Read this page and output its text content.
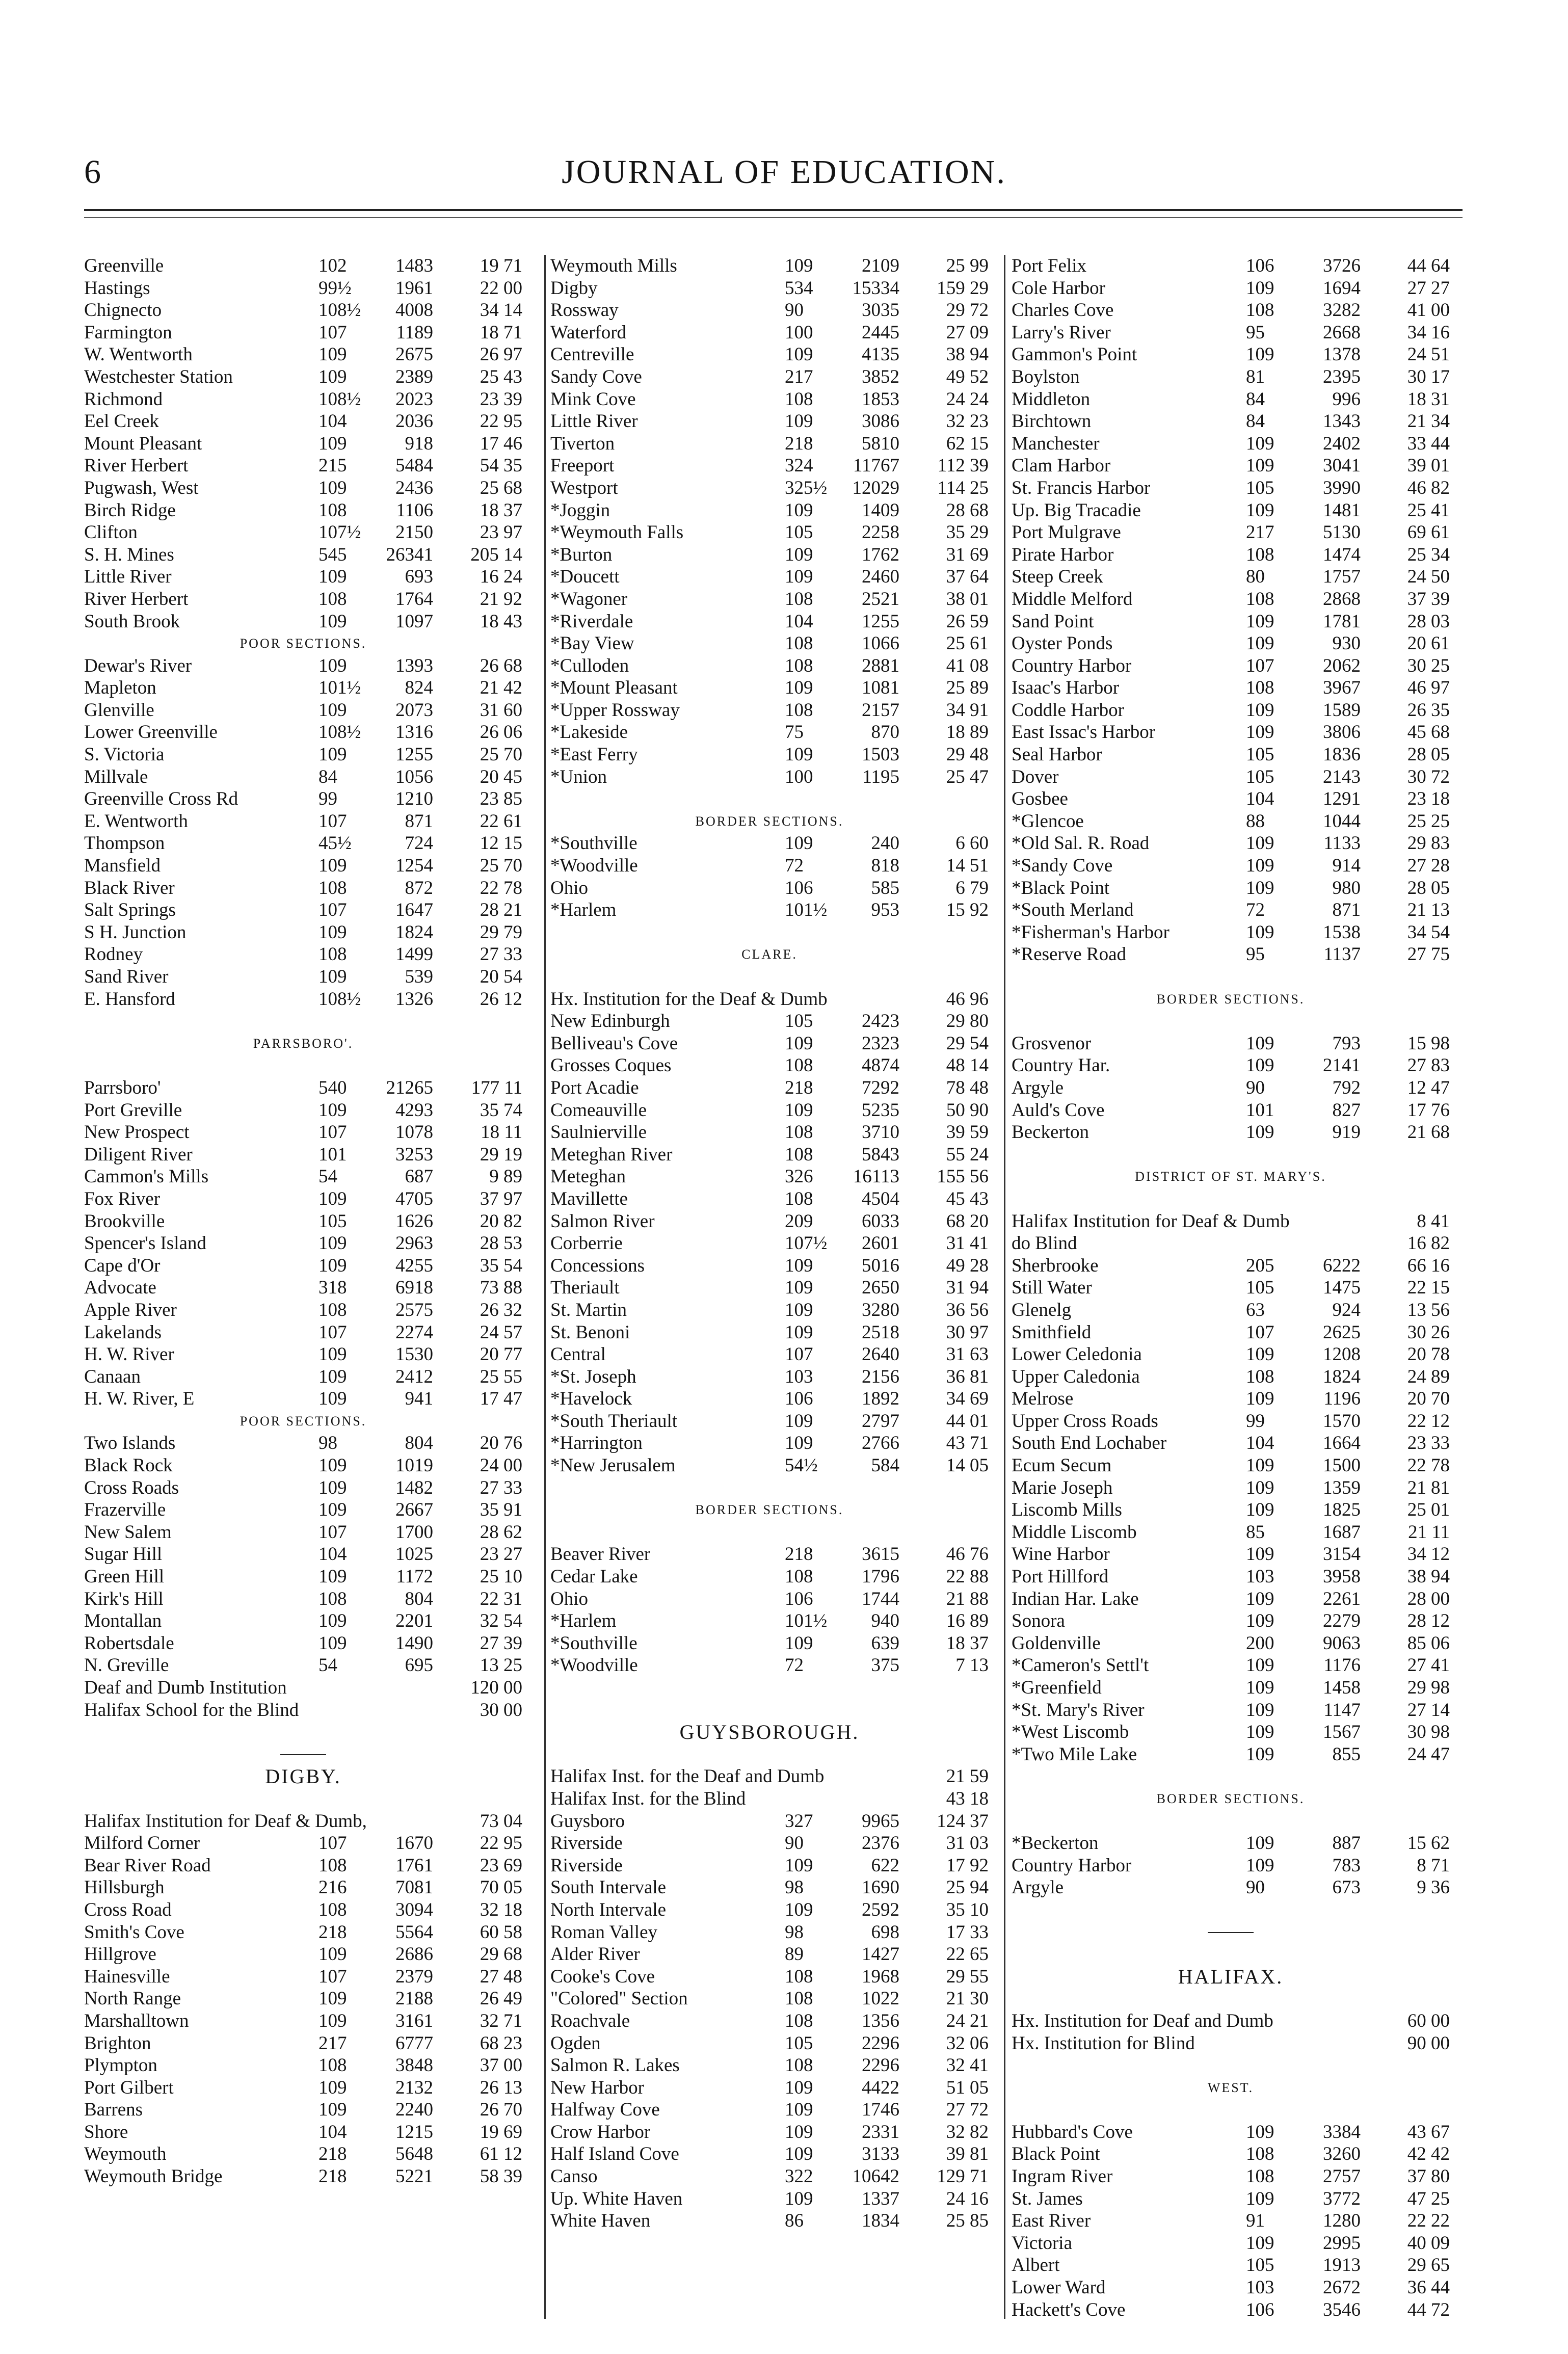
6	JOURNAL OF EDUCATION.
Greenville	102	1483	19 71
Hastings	99½	1961	22 00
Chignecto	108½	4008	34 14
Farmington	107	1189	18 71
W. Wentworth	109	2675	26 97
Westchester Station	109	2389	25 43
Richmond	108½	2023	23 39
Eel Creek	104	2036	22 95
Mount Pleasant	109	918	17 46
River Herbert	215	5484	54 35
Pugwash, West	109	2436	25 68
Birch Ridge	108	1106	18 37
Clifton	107½	2150	23 97
S. H. Mines	545	26341	205 14
Little River	109	693	16 24
River Herbert	108	1764	21 92
South Brook	109	1097	18 43
POOR SECTIONS.
Dewar's River	109	1393	26 68
Mapleton	101½	824	21 42
Glenville	109	2073	31 60
Lower Greenville	108½	1316	26 06
S. Victoria	109	1255	25 70
Millvale	84	1056	20 45
Greenville Cross Rd	99	1210	23 85
E. Wentworth	107	871	22 61
Thompson	45½	724	12 15
Mansfield	109	1254	25 70
Black River	108	872	22 78
Salt Springs	107	1647	28 21
S H. Junction	109	1824	29 79
Rodney	108	1499	27 33
Sand River	109	539	20 54
E. Hansford	108½	1326	26 12
PARRSBORO'.
Parrsboro'	540	21265	177 11
Port Greville	109	4293	35 74
New Prospect	107	1078	18 11
Diligent River	101	3253	29 19
Cammon's Mills	54	687	9 89
Fox River	109	4705	37 97
Brookville	105	1626	20 82
Spencer's Island	109	2963	28 53
Cape d'Or	109	4255	35 54
Advocate	318	6918	73 88
Apple River	108	2575	26 32
Lakelands	107	2274	24 57
H. W. River	109	1530	20 77
Canaan	109	2412	25 55
H. W. River, E	109	941	17 47
POOR SECTIONS.
Two Islands	98	804	20 76
Black Rock	109	1019	24 00
Cross Roads	109	1482	27 33
Frazerville	109	2667	35 91
New Salem	107	1700	28 62
Sugar Hill	104	1025	23 27
Green Hill	109	1172	25 10
Kirk's Hill	108	804	22 31
Montallan	109	2201	32 54
Robertsdale	109	1490	27 39
N. Greville	54	695	13 25
Deaf and Dumb Institution	120 00
Halifax School for the Blind	30 00
DIGBY.
Halifax Institution for Deaf & Dumb,	73 04
Milford Corner	107	1670	22 95
Bear River Road	108	1761	23 69
Hillsburgh	216	7081	70 05
Cross Road	108	3094	32 18
Smith's Cove	218	5564	60 58
Hillgrove	109	2686	29 68
Hainesville	107	2379	27 48
North Range	109	2188	26 49
Marshalltown	109	3161	32 71
Brighton	217	6777	68 23
Plympton	108	3848	37 00
Port Gilbert	109	2132	26 13
Barrens	109	2240	26 70
Shore	104	1215	19 69
Weymouth	218	5648	61 12
Weymouth Bridge	218	5221	58 39
Weymouth Mills	109	2109	25 99
Digby	534	15334	159 29
Rossway	90	3035	29 72
Waterford	100	2445	27 09
Centreville	109	4135	38 94
Sandy Cove	217	3852	49 52
Mink Cove	108	1853	24 24
Little River	109	3086	32 23
Tiverton	218	5810	62 15
Freeport	324	11767	112 39
Westport	325½	12029	114 25
*Joggin	109	1409	28 68
*Weymouth Falls	105	2258	35 29
*Burton	109	1762	31 69
*Doucett	109	2460	37 64
*Wagoner	108	2521	38 01
*Riverdale	104	1255	26 59
*Bay View	108	1066	25 61
*Culloden	108	2881	41 08
*Mount Pleasant	109	1081	25 89
*Upper Rossway	108	2157	34 91
*Lakeside	75	870	18 89
*East Ferry	109	1503	29 48
*Union	100	1195	25 47
BORDER SECTIONS.
*Southville	109	240	6 60
*Woodville	72	818	14 51
Ohio	106	585	6 79
*Harlem	101½	953	15 92
CLARE.
Hx. Institution for the Deaf & Dumb	46 96
New Edinburgh	105	2423	29 80
Belliveau's Cove	109	2323	29 54
Grosses Coques	108	4874	48 14
Port Acadie	218	7292	78 48
Comeauville	109	5235	50 90
Saulnierville	108	3710	39 59
Meteghan River	108	5843	55 24
Meteghan	326	16113	155 56
Mavillette	108	4504	45 43
Salmon River	209	6033	68 20
Corberrie	107½	2601	31 41
Concessions	109	5016	49 28
Theriault	109	2650	31 94
St. Martin	109	3280	36 56
St. Benoni	109	2518	30 97
Central	107	2640	31 63
*St. Joseph	103	2156	36 81
*Havelock	106	1892	34 69
*South Theriault	109	2797	44 01
*Harrington	109	2766	43 71
*New Jerusalem	54½	584	14 05
BORDER SECTIONS.
Beaver River	218	3615	46 76
Cedar Lake	108	1796	22 88
Ohio	106	1744	21 88
*Harlem	101½	940	16 89
*Southville	109	639	18 37
*Woodville	72	375	7 13
GUYSBOROUGH.
Halifax Inst. for the Deaf and Dumb	21 59
Halifax Inst. for the Blind	43 18
Guysboro	327	9965	124 37
Riverside	90	2376	31 03
Riverside	109	622	17 92
South Intervale	98	1690	25 94
North Intervale	109	2592	35 10
Roman Valley	98	698	17 33
Alder River	89	1427	22 65
Cooke's Cove	108	1968	29 55
"Colored" Section	108	1022	21 30
Roachvale	108	1356	24 21
Ogden	105	2296	32 06
Salmon R. Lakes	108	2296	32 41
New Harbor	109	4422	51 05
Halfway Cove	109	1746	27 72
Crow Harbor	109	2331	32 82
Half Island Cove	109	3133	39 81
Canso	322	10642	129 71
Up. White Haven	109	1337	24 16
White Haven	86	1834	25 85
Port Felix	106	3726	44 64
Cole Harbor	109	1694	27 27
Charles Cove	108	3282	41 00
Larry's River	95	2668	34 16
Gammon's Point	109	1378	24 51
Boylston	81	2395	30 17
Middleton	84	996	18 31
Birchtown	84	1343	21 34
Manchester	109	2402	33 44
Clam Harbor	109	3041	39 01
St. Francis Harbor	105	3990	46 82
Up. Big Tracadie	109	1481	25 41
Port Mulgrave	217	5130	69 61
Pirate Harbor	108	1474	25 34
Steep Creek	80	1757	24 50
Middle Melford	108	2868	37 39
Sand Point	109	1781	28 03
Oyster Ponds	109	930	20 61
Country Harbor	107	2062	30 25
Isaac's Harbor	108	3967	46 97
Coddle Harbor	109	1589	26 35
East Issac's Harbor	109	3806	45 68
Seal Harbor	105	1836	28 05
Dover	105	2143	30 72
Gosbee	104	1291	23 18
*Glencoe	88	1044	25 25
*Old Sal. R. Road	109	1133	29 83
*Sandy Cove	109	914	27 28
*Black Point	109	980	28 05
*South Merland	72	871	21 13
*Fisherman's Harbor	109	1538	34 54
*Reserve Road	95	1137	27 75
BORDER SECTIONS.
Grosvenor	109	793	15 98
Country Har.	109	2141	27 83
Argyle	90	792	12 47
Auld's Cove	101	827	17 76
Beckerton	109	919	21 68
DISTRICT OF ST. MARY'S.
Halifax Institution for Deaf & Dumb	8 41
do Blind	16 82
Sherbrooke	205	6222	66 16
Still Water	105	1475	22 15
Glenelg	63	924	13 56
Smithfield	107	2625	30 26
Lower Celedonia	109	1208	20 78
Upper Caledonia	108	1824	24 89
Melrose	109	1196	20 70
Upper Cross Roads	99	1570	22 12
South End Lochaber	104	1664	23 33
Ecum Secum	109	1500	22 78
Marie Joseph	109	1359	21 81
Liscomb Mills	109	1825	25 01
Middle Liscomb	85	1687	21 11
Wine Harbor	109	3154	34 12
Port Hillford	103	3958	38 94
Indian Har. Lake	109	2261	28 00
Sonora	109	2279	28 12
Goldenville	200	9063	85 06
*Cameron's Settl't	109	1176	27 41
*Greenfield	109	1458	29 98
*St. Mary's River	109	1147	27 14
*West Liscomb	109	1567	30 98
*Two Mile Lake	109	855	24 47
BORDER SECTIONS.
*Beckerton	109	887	15 62
Country Harbor	109	783	8 71
Argyle	90	673	9 36
HALIFAX.
Hx. Institution for Deaf and Dumb	60 00
Hx. Institution for Blind	90 00
WEST.
Hubbard's Cove	109	3384	43 67
Black Point	108	3260	42 42
Ingram River	108	2757	37 80
St. James	109	3772	47 25
East River	91	1280	22 22
Victoria	109	2995	40 09
Albert	105	1913	29 65
Lower Ward	103	2672	36 44
Hackett's Cove	106	3546	44 72
